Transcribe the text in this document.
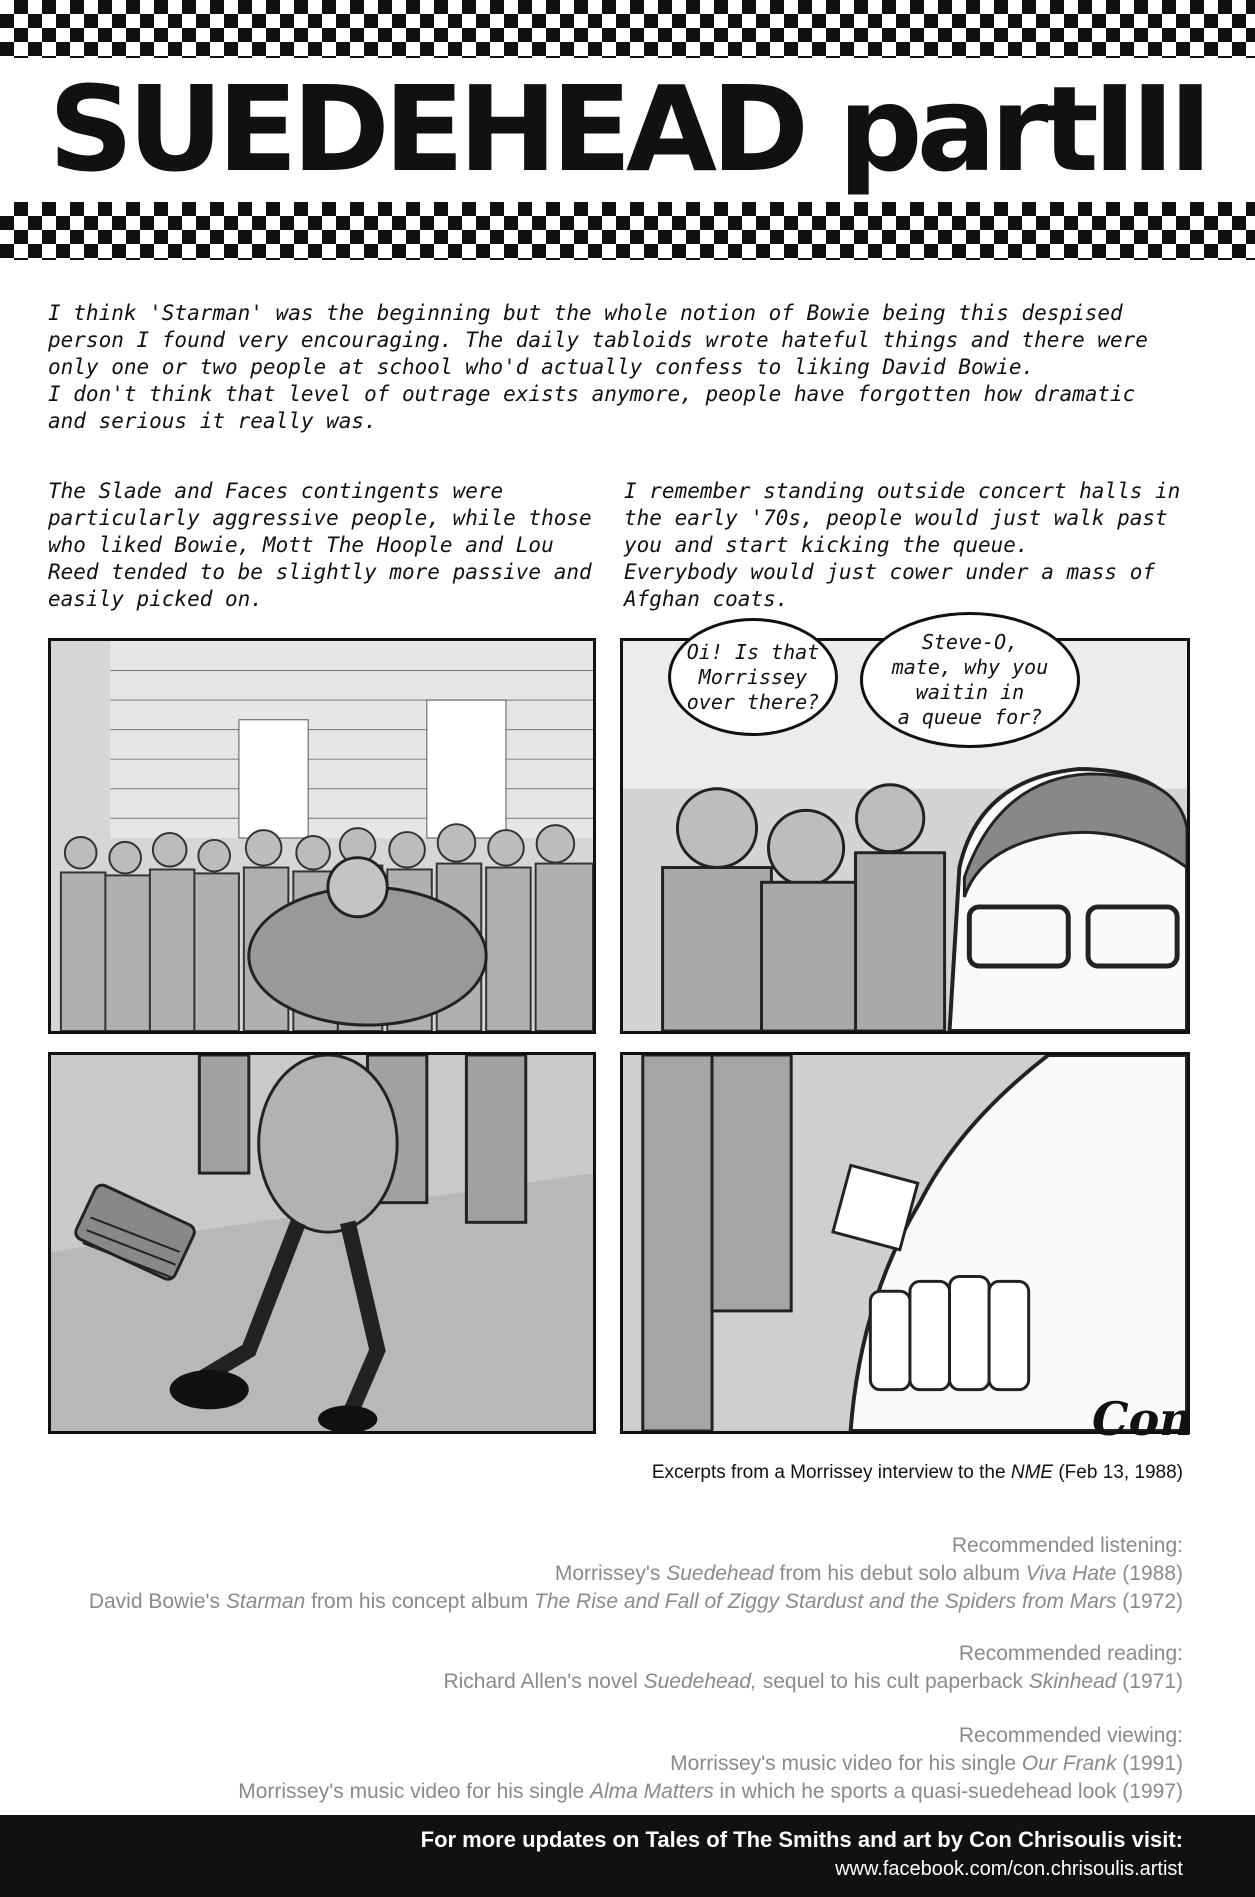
SUEDEHEAD partIII

I think 'Starman' was the beginning but the whole notion of Bowie being this despised person I found very encouraging. The daily tabloids wrote hateful things and there were only one or two people at school who'd actually confess to liking David Bowie.

I don't think that level of outrage exists anymore, people have forgotten how dramatic and serious it really was.

The Slade and Faces contingents were particularly aggressive people, while those who liked Bowie, Mott The Hoople and Lou Reed tended to be slightly more passive and easily picked on.
I remember standing outside concert halls in the early '70s, people would just walk past you and start kicking the queue.
Everybody would just cower under a mass of Afghan coats.
Oi! Is that
Morrissey
over there?
Steve-O,
mate, why you
waitin in
a queue for?
Con
Excerpts from a Morrissey interview to the NME (Feb 13, 1988)
Recommended listening:
Morrissey's Suedehead from his debut solo album Viva Hate (1988)
David Bowie's Starman from his concept album The Rise and Fall of Ziggy Stardust and the Spiders from Mars (1972)
Recommended reading:
Richard Allen's novel Suedehead, sequel to his cult paperback Skinhead (1971)
Recommended viewing:
Morrissey's music video for his single Our Frank (1991)
Morrissey's music video for his single Alma Matters in which he sports a quasi-suedehead look (1997)
For more updates on Tales of The Smiths and art by Con Chrisoulis visit:
www.facebook.com/con.chrisoulis.artist
